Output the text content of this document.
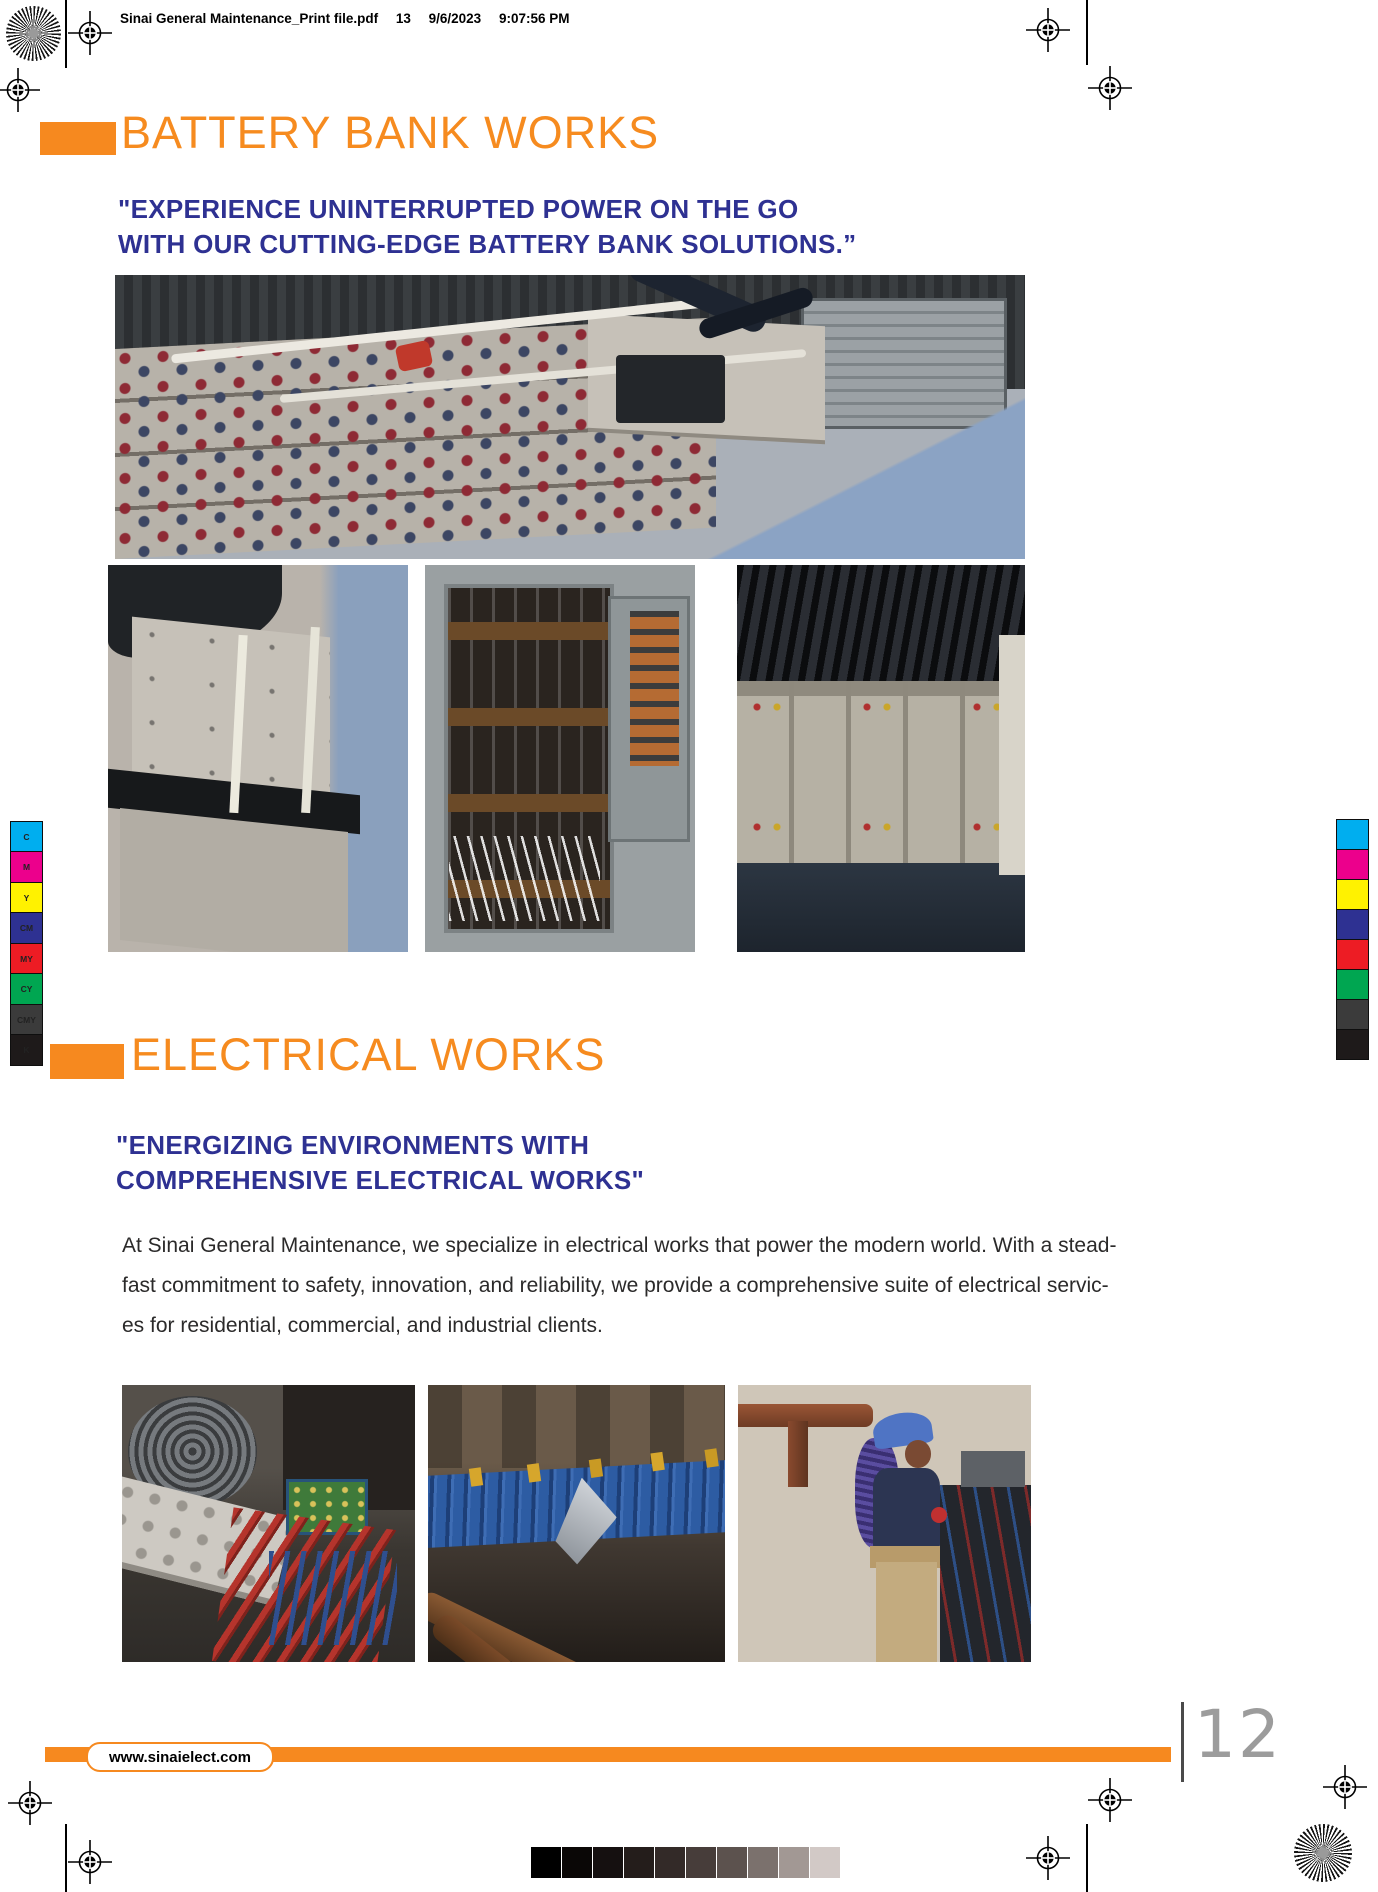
Sinai General Maintenance_Print file.pdf 13 9/6/2023 9:07:56 PM
BATTERY BANK WORKS
"EXPERIENCE UNINTERRUPTED POWER ON THE GO
WITH OUR CUTTING-EDGE BATTERY BANK SOLUTIONS.”
C
M
Y
CM
MY
CY
CMY
K ELECTRICAL WORKS
"ENERGIZING ENVIRONMENTS WITH
COMPREHENSIVE ELECTRICAL WORKS"
At Sinai General Maintenance, we specialize in electrical works that power the modern world. With a stead-
fast commitment to safety, innovation, and reliability, we provide a comprehensive suite of electrical servic-
es for residential, commercial, and industrial clients.
www.sinaielect.com	12
